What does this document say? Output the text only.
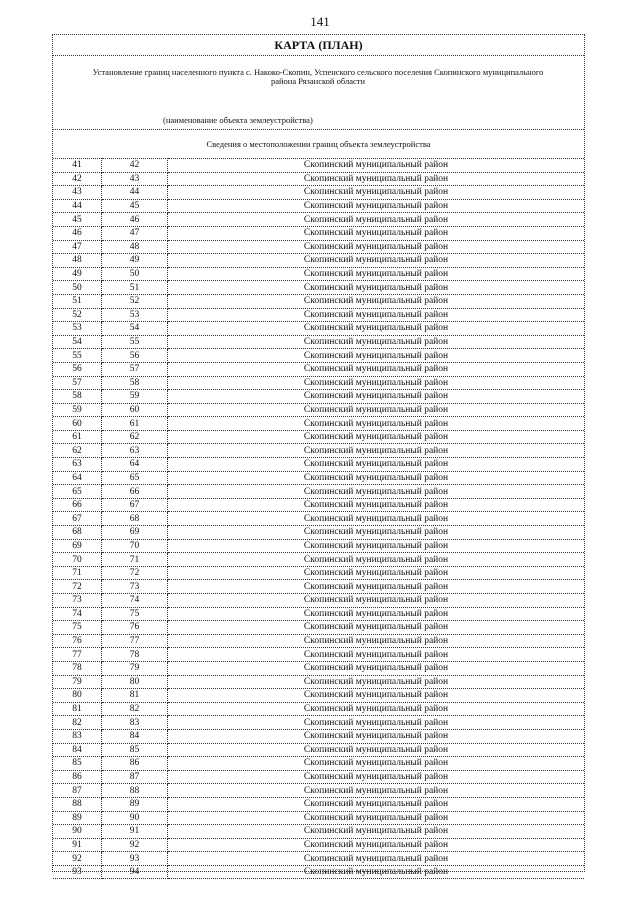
141
КАРТА (ПЛАН)
Установление границ населенного пункта с. Накоко-Скопин, Успенского сельского поселения Скопинского муниципального района Рязанской области
(наименование объекта землеустройства)
Сведения о местоположении границ объекта землеустройства
41	42	Скопинский муниципальный район
42	43	Скопинский муниципальный район
43	44	Скопинский муниципальный район
44	45	Скопинский муниципальный район
45	46	Скопинский муниципальный район
46	47	Скопинский муниципальный район
47	48	Скопинский муниципальный район
48	49	Скопинский муниципальный район
49	50	Скопинский муниципальный район
50	51	Скопинский муниципальный район
51	52	Скопинский муниципальный район
52	53	Скопинский муниципальный район
53	54	Скопинский муниципальный район
54	55	Скопинский муниципальный район
55	56	Скопинский муниципальный район
56	57	Скопинский муниципальный район
57	58	Скопинский муниципальный район
58	59	Скопинский муниципальный район
59	60	Скопинский муниципальный район
60	61	Скопинский муниципальный район
61	62	Скопинский муниципальный район
62	63	Скопинский муниципальный район
63	64	Скопинский муниципальный район
64	65	Скопинский муниципальный район
65	66	Скопинский муниципальный район
66	67	Скопинский муниципальный район
67	68	Скопинский муниципальный район
68	69	Скопинский муниципальный район
69	70	Скопинский муниципальный район
70	71	Скопинский муниципальный район
71	72	Скопинский муниципальный район
72	73	Скопинский муниципальный район
73	74	Скопинский муниципальный район
74	75	Скопинский муниципальный район
75	76	Скопинский муниципальный район
76	77	Скопинский муниципальный район
77	78	Скопинский муниципальный район
78	79	Скопинский муниципальный район
79	80	Скопинский муниципальный район
80	81	Скопинский муниципальный район
81	82	Скопинский муниципальный район
82	83	Скопинский муниципальный район
83	84	Скопинский муниципальный район
84	85	Скопинский муниципальный район
85	86	Скопинский муниципальный район
86	87	Скопинский муниципальный район
87	88	Скопинский муниципальный район
88	89	Скопинский муниципальный район
89	90	Скопинский муниципальный район
90	91	Скопинский муниципальный район
91	92	Скопинский муниципальный район
92	93	Скопинский муниципальный район
93	94	Скопинский муниципальный район
